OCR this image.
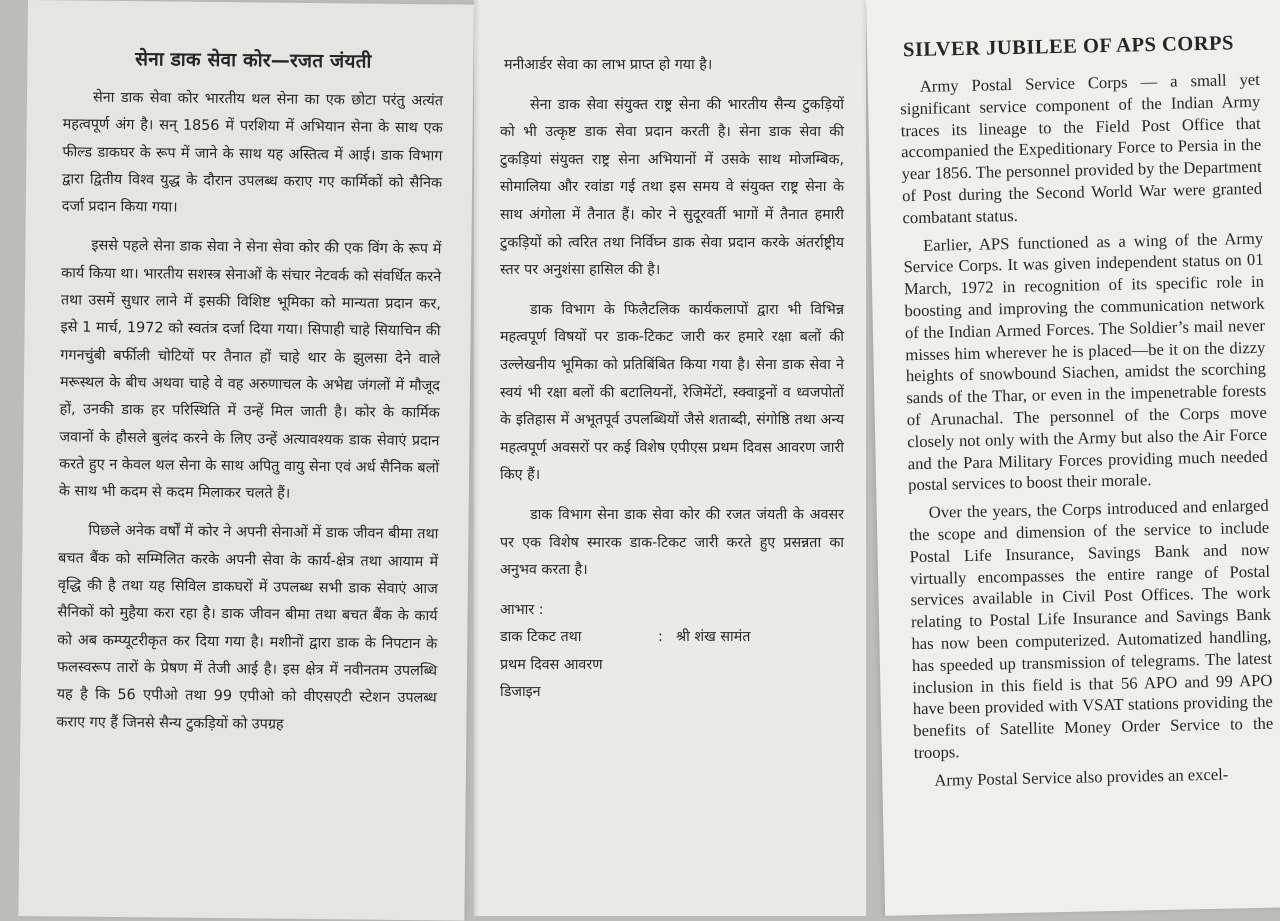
सेना डाक सेवा कोर—रजत जंयती

सेना डाक सेवा कोर भारतीय थल सेना का एक छोटा परंतु अत्यंत महत्वपूर्ण अंग है। सन् 1856 में परशिया में अभियान सेना के साथ एक फील्ड डाकघर के रूप में जाने के साथ यह अस्तित्व में आई। डाक विभाग द्वारा द्वितीय विश्व युद्ध के दौरान उपलब्ध कराए गए कार्मिकों को सैनिक दर्जा प्रदान किया गया।

इससे पहले सेना डाक सेवा ने सेना सेवा कोर की एक विंग के रूप में कार्य किया था। भारतीय सशस्त्र सेनाओं के संचार नेटवर्क को संवर्धित करने तथा उसमें सुधार लाने में इसकी विशिष्ट भूमिका को मान्यता प्रदान कर, इसे 1 मार्च, 1972 को स्वतंत्र दर्जा दिया गया। सिपाही चाहे सियाचिन की गगनचुंबी बर्फीली चोटियों पर तैनात हों चाहे थार के झुलसा देने वाले मरूस्थल के बीच अथवा चाहे वे वह अरुणाचल के अभेद्य जंगलों में मौजूद हों, उनकी डाक हर परिस्थिति में उन्हें मिल जाती है। कोर के कार्मिक जवानों के हौसले बुलंद करने के लिए उन्हें अत्यावश्यक डाक सेवाएं प्रदान करते हुए न केवल थल सेना के साथ अपितु वायु सेना एवं अर्ध सैनिक बलों के साथ भी कदम से कदम मिलाकर चलते हैं।

पिछले अनेक वर्षों में कोर ने अपनी सेनाओं में डाक जीवन बीमा तथा बचत बैंक को सम्मिलित करके अपनी सेवा के कार्य-क्षेत्र तथा आयाम में वृद्धि की है तथा यह सिविल डाकघरों में उपलब्ध सभी डाक सेवाएं आज सैनिकों को मुहैया करा रहा है। डाक जीवन बीमा तथा बचत बैंक के कार्य को अब कम्प्यूटरीकृत कर दिया गया है। मशीनों द्वारा डाक के निपटान के फलस्वरूप तारों के प्रेषण में तेजी आई है। इस क्षेत्र में नवीनतम उपलब्धि यह है कि 56 एपीओ तथा 99 एपीओ को वीएसएटी स्टेशन उपलब्ध कराए गए हैं जिनसे सैन्य टुकड़ियों को उपग्रह

मनीआर्डर सेवा का लाभ प्राप्त हो गया है।

सेना डाक सेवा संयुक्त राष्ट्र सेना की भारतीय सैन्य टुकड़ियों को भी उत्कृष्ट डाक सेवा प्रदान करती है। सेना डाक सेवा की टुकड़ियां संयुक्त राष्ट्र सेना अभियानों में उसके साथ मोजम्बिक, सोमालिया और रवांडा गई तथा इस समय वे संयुक्त राष्ट्र सेना के साथ अंगोला में तैनात हैं। कोर ने सुदूरवर्ती भागों में तैनात हमारी टुकड़ियों को त्वरित तथा निर्विघ्न डाक सेवा प्रदान करके अंतर्राष्ट्रीय स्तर पर अनुशंसा हासिल की है।

डाक विभाग के फिलैटलिक कार्यकलापों द्वारा भी विभिन्न महत्वपूर्ण विषयों पर डाक-टिकट जारी कर हमारे रक्षा बलों की उल्लेखनीय भूमिका को प्रतिबिंबित किया गया है। सेना डाक सेवा ने स्वयं भी रक्षा बलों की बटालियनों, रेजिमेंटों, स्क्वाड्रनों व ध्वजपोतों के इतिहास में अभूतपूर्व उपलब्धियों जैसे शताब्दी, संगोष्ठि तथा अन्य महत्वपूर्ण अवसरों पर कई विशेष एपीएस प्रथम दिवस आवरण जारी किए हैं।

डाक विभाग सेना डाक सेवा कोर की रजत जंयती के अवसर पर एक विशेष स्मारक डाक-टिकट जारी करते हुए प्रसन्नता का अनुभव करता है।

आभार :
डाक टिकट तथा	: श्री शंख सामंत
प्रथम दिवस आवरण
डिजाइन
SILVER JUBILEE OF APS CORPS

Army Postal Service Corps — a small yet significant service component of the Indian Army traces its lineage to the Field Post Office that accompanied the Expeditionary Force to Persia in the year 1856. The personnel provided by the Department of Post during the Second World War were granted combatant status.

Earlier, APS functioned as a wing of the Army Service Corps. It was given independent status on 01 March, 1972 in recognition of its specific role in boosting and improving the communication network of the Indian Armed Forces. The Soldier’s mail never misses him wherever he is placed—be it on the dizzy heights of snowbound Siachen, amidst the scorching sands of the Thar, or even in the impenetrable forests of Arunachal. The personnel of the Corps move closely not only with the Army but also the Air Force and the Para Military Forces providing much needed postal services to boost their morale.

Over the years, the Corps introduced and enlarged the scope and dimension of the service to include Postal Life Insurance, Savings Bank and now virtually encompasses the entire range of Postal services available in Civil Post Offices. The work relating to Postal Life Insurance and Savings Bank has now been computerized. Automatized handling, has speeded up transmission of telegrams. The latest inclusion in this field is that 56 APO and 99 APO have been provided with VSAT stations providing the benefits of Satellite Money Order Service to the troops.

Army Postal Service also provides an excel-
